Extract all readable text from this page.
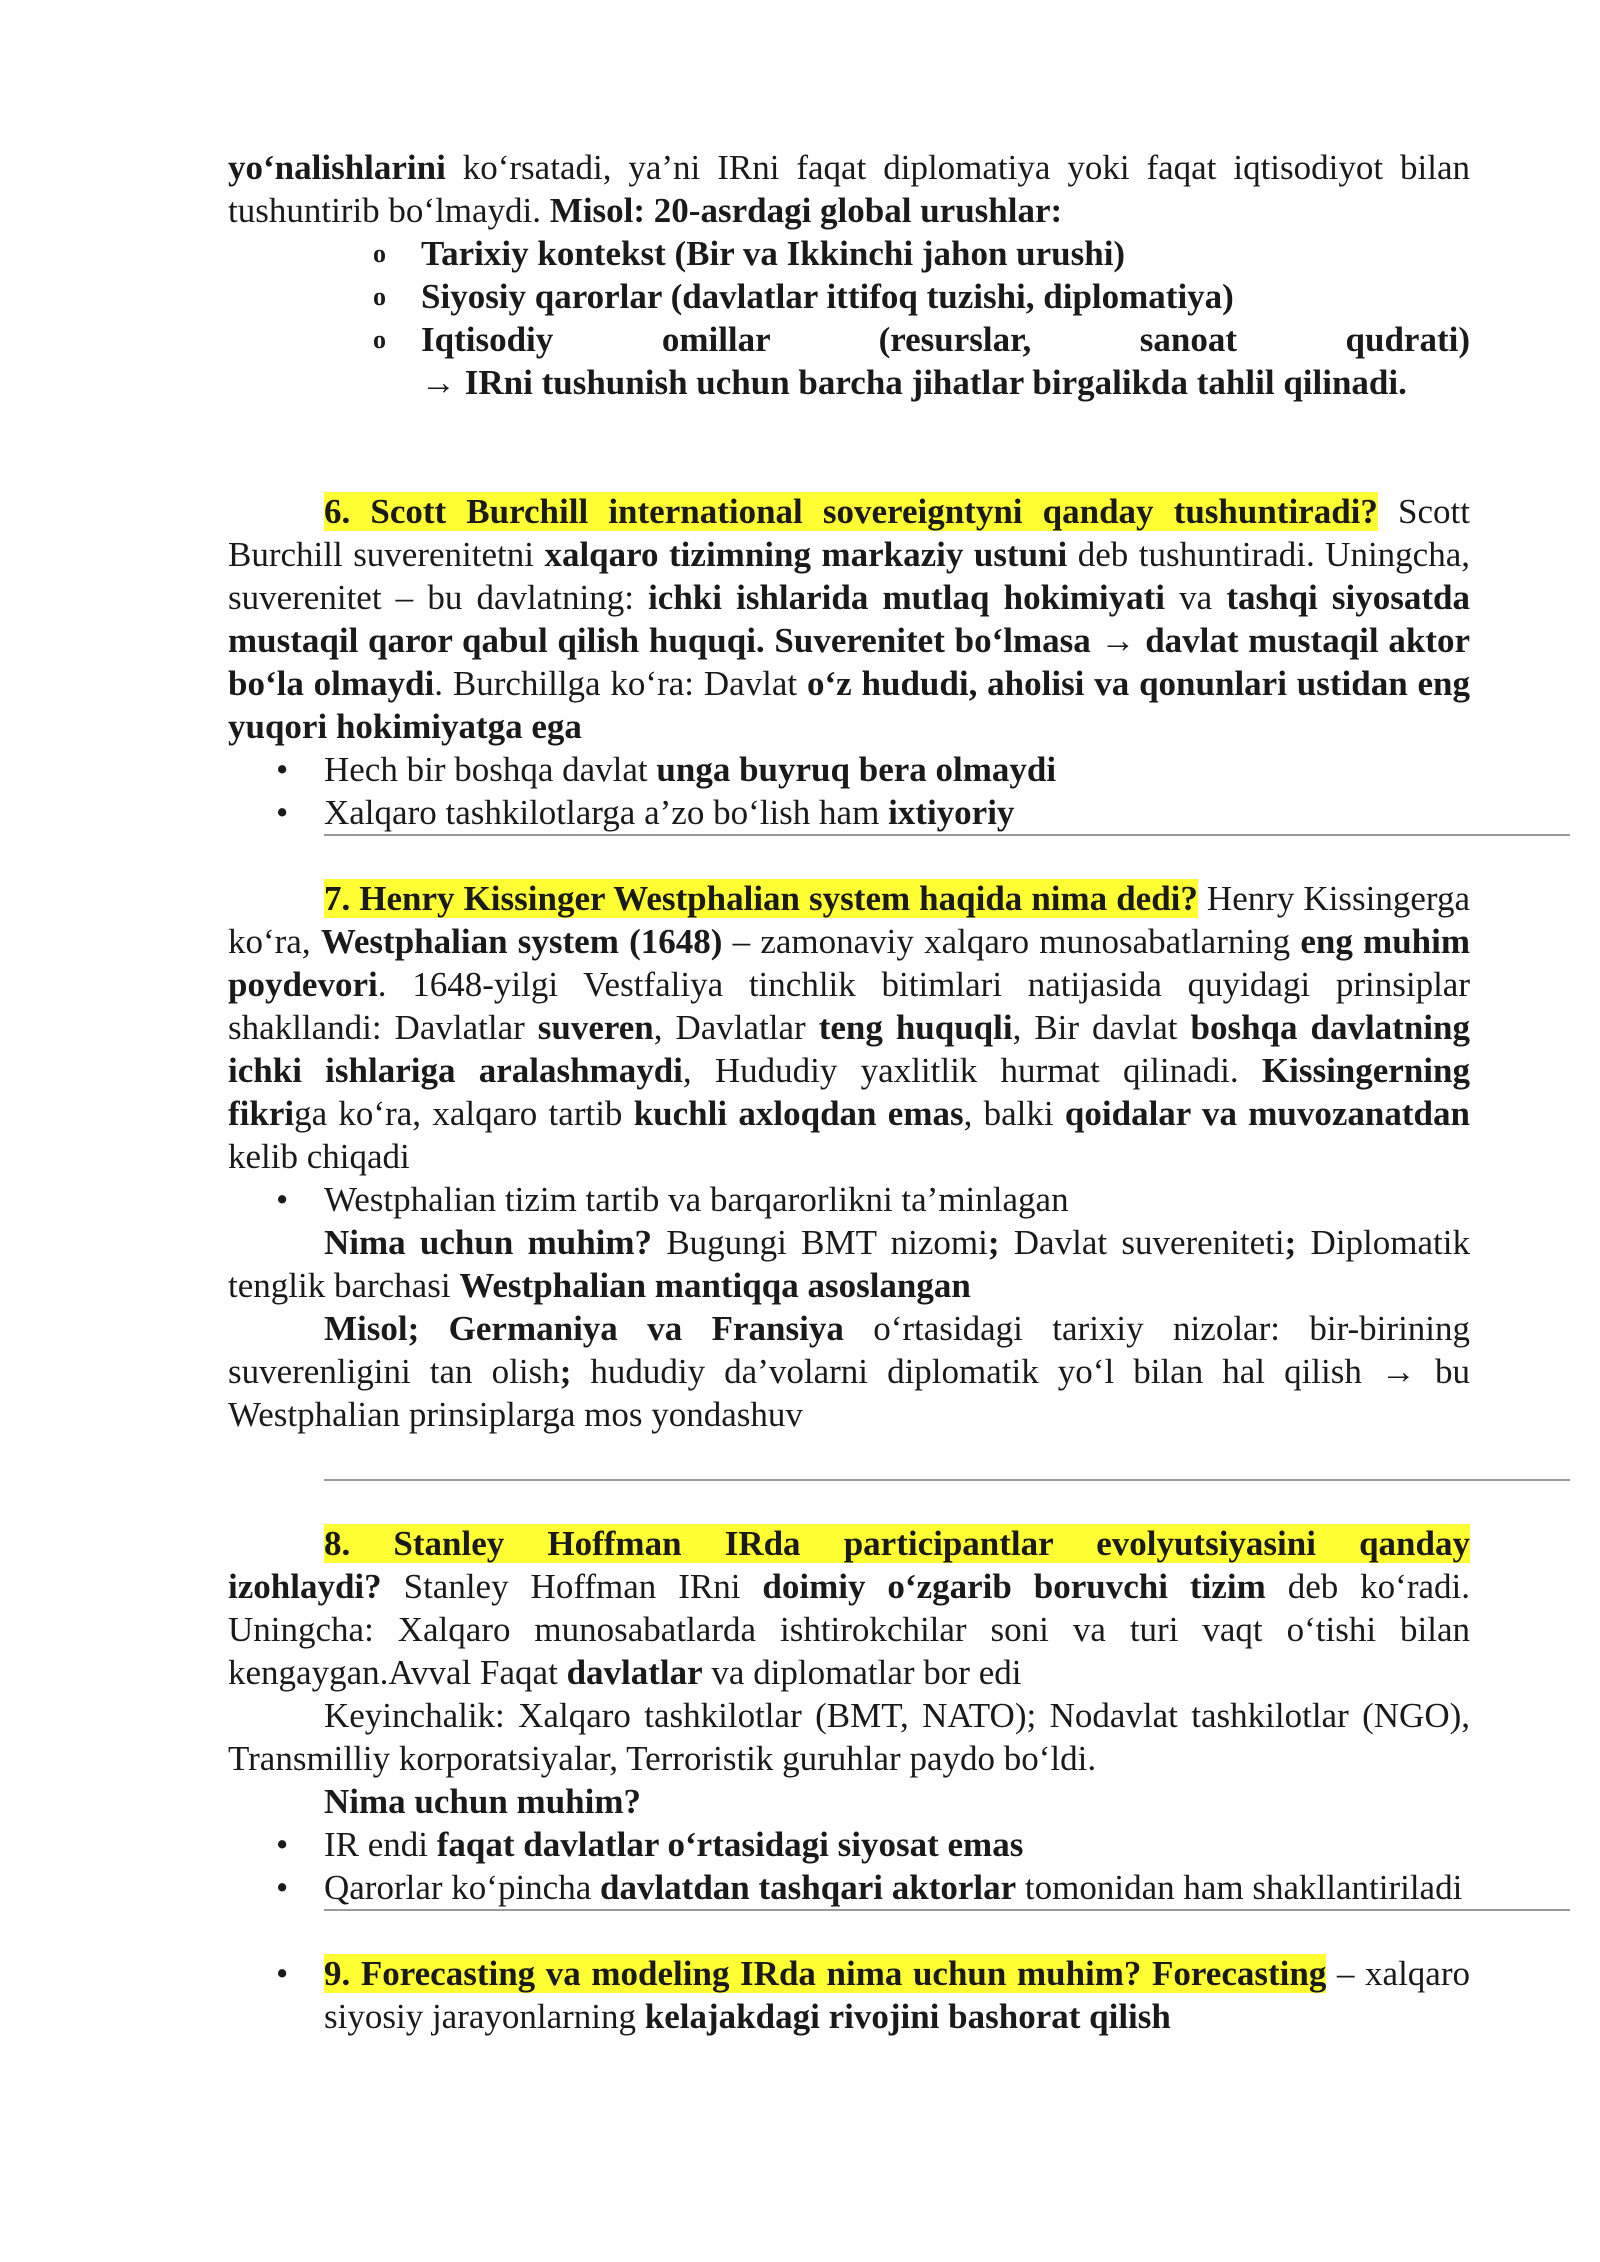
yo‘nalishlarini ko‘rsatadi, ya’ni IRni faqat diplomatiya yoki faqat iqtisodiyot bilan tushuntirib bo‘lmaydi. Misol: 20-asrdagi global urushlar:

o Tarixiy kontekst (Bir va Ikkinchi jahon urushi)
o Siyosiy qarorlar (davlatlar ittifoq tuzishi, diplomatiya)
o Iqtisodiy omillar (resurslar, sanoat qudrati)
→ IRni tushunish uchun barcha jihatlar birgalikda tahlil qilinadi.

6. Scott Burchill international sovereigntyni qanday tushuntiradi? Scott Burchill suverenitetni xalqaro tizimning markaziy ustuni deb tushuntiradi. Uningcha, suverenitet – bu davlatning: ichki ishlarida mutlaq hokimiyati va tashqi siyosatda mustaqil qaror qabul qilish huquqi. Suverenitet bo‘lmasa → davlat mustaqil aktor bo‘la olmaydi. Burchillga ko‘ra: Davlat o‘z hududi, aholisi va qonunlari ustidan eng yuqori hokimiyatga ega

• Hech bir boshqa davlat unga buyruq bera olmaydi
• Xalqaro tashkilotlarga a’zo bo‘lish ham ixtiyoriy

7. Henry Kissinger Westphalian system haqida nima dedi? Henry Kissingerga ko‘ra, Westphalian system (1648) – zamonaviy xalqaro munosabatlarning eng muhim poydevori. 1648-yilgi Vestfaliya tinchlik bitimlari natijasida quyidagi prinsiplar shakllandi: Davlatlar suveren, Davlatlar teng huquqli, Bir davlat boshqa davlatning ichki ishlariga aralashmaydi, Hududiy yaxlitlik hurmat qilinadi. Kissingerning fikriga ko‘ra, xalqaro tartib kuchli axloqdan emas, balki qoidalar va muvozanatdan kelib chiqadi

• Westphalian tizim tartib va barqarorlikni ta’minlagan

Nima uchun muhim? Bugungi BMT nizomi; Davlat suvereniteti; Diplomatik tenglik barchasi Westphalian mantiqqa asoslangan

Misol; Germaniya va Fransiya o‘rtasidagi tarixiy nizolar: bir-birining suverenligini tan olish; hududiy da’volarni diplomatik yo‘l bilan hal qilish → bu Westphalian prinsiplarga mos yondashuv

8. Stanley Hoffman IRda participantlar evolyutsiyasini qanday

izohlaydi? Stanley Hoffman IRni doimiy o‘zgarib boruvchi tizim deb ko‘radi. Uningcha: Xalqaro munosabatlarda ishtirokchilar soni va turi vaqt o‘tishi bilan kengaygan.Avval Faqat davlatlar va diplomatlar bor edi

Keyinchalik: Xalqaro tashkilotlar (BMT, NATO); Nodavlat tashkilotlar (NGO), Transmilliy korporatsiyalar, Terroristik guruhlar paydo bo‘ldi.

Nima uchun muhim?

• IR endi faqat davlatlar o‘rtasidagi siyosat emas
• Qarorlar ko‘pincha davlatdan tashqari aktorlar tomonidan ham shakllantiriladi
• 9. Forecasting va modeling IRda nima uchun muhim? Forecasting – xalqaro siyosiy jarayonlarning kelajakdagi rivojini bashorat qilish
